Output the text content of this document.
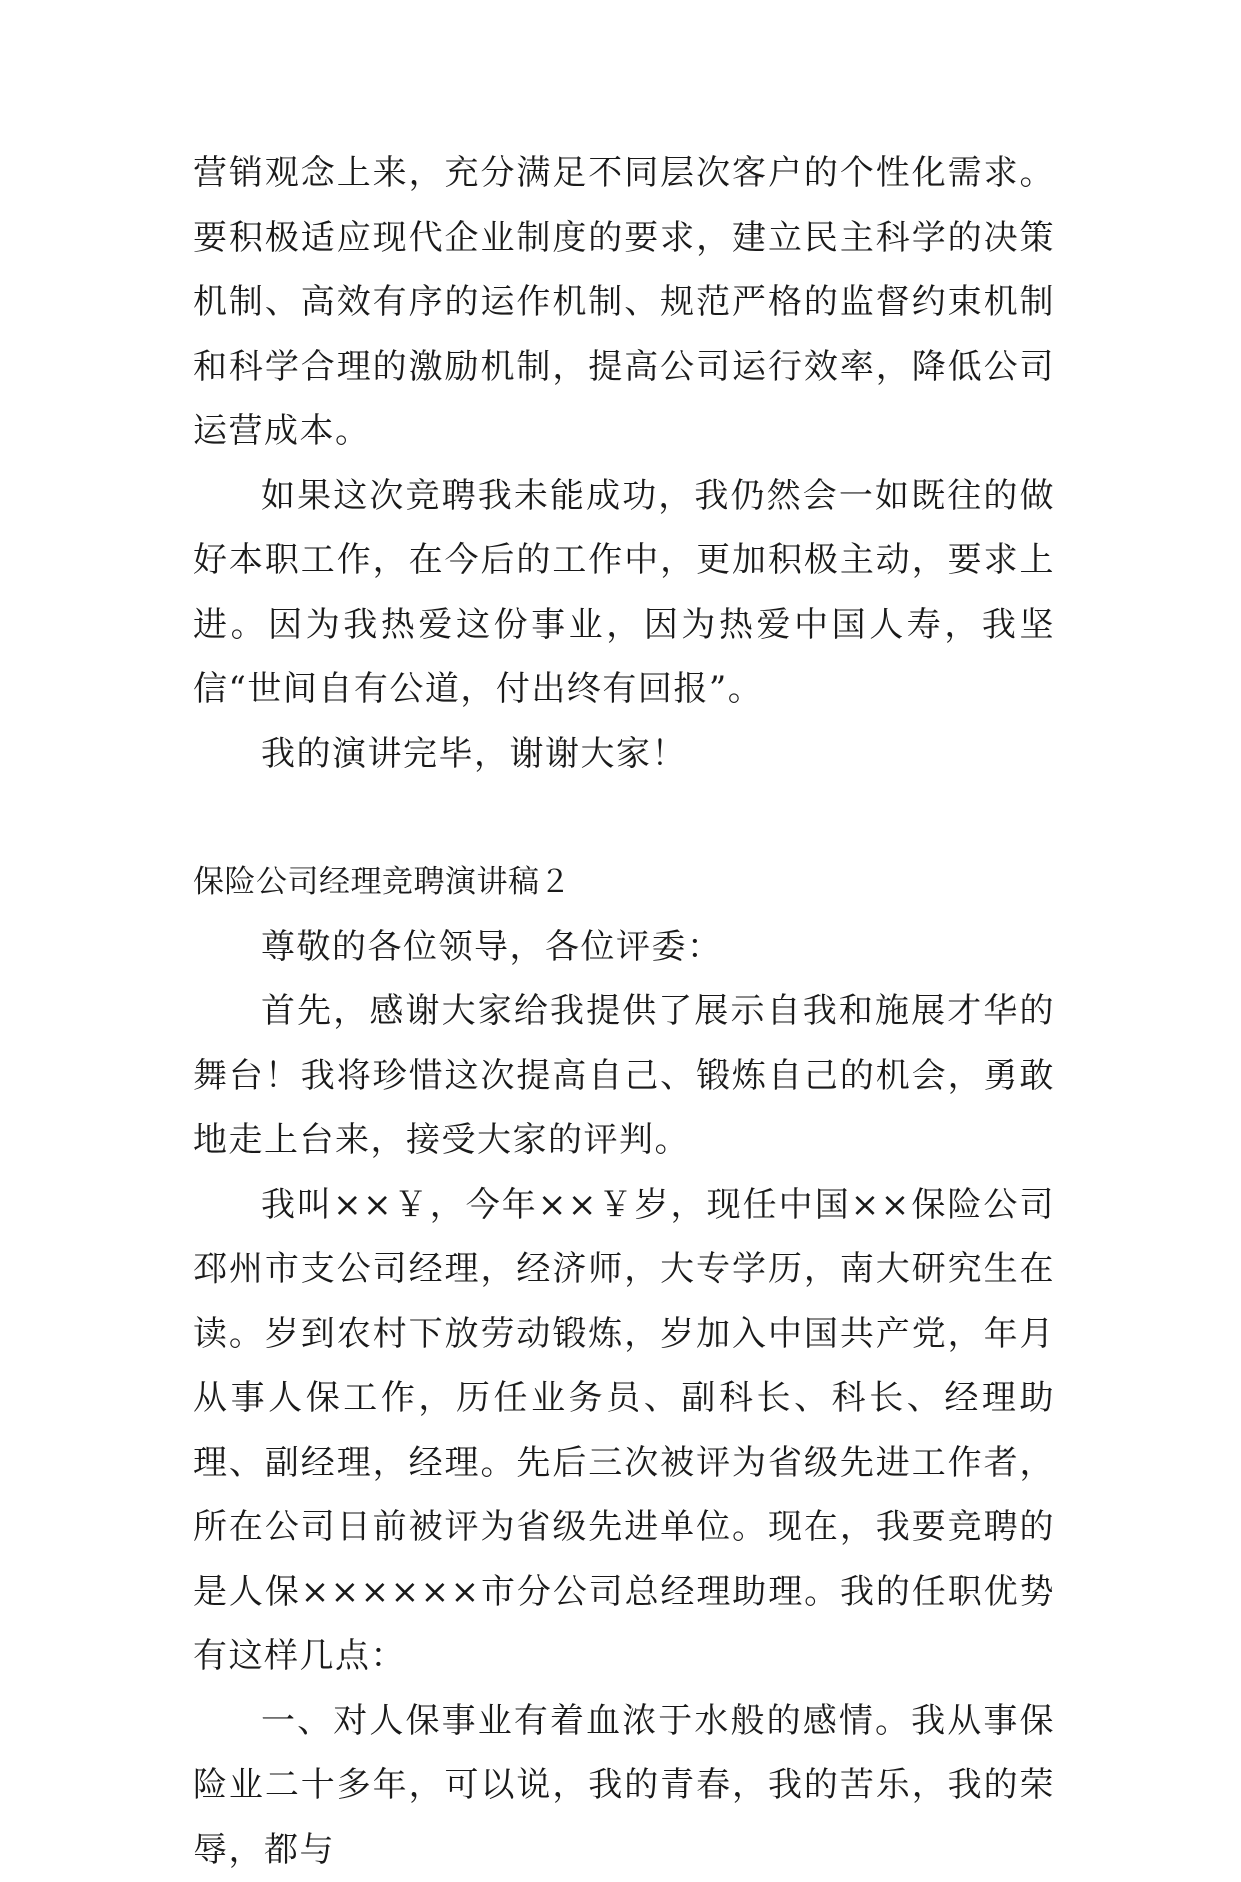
营销观念上来，充分满足不同层次客户的个性化需求。要积极适应现代企业制度的要求，建立民主科学的决策机制、高效有序的运作机制、规范严格的监督约束机制和科学合理的激励机制，提高公司运行效率，降低公司运营成本。

如果这次竞聘我未能成功，我仍然会一如既往的做好本职工作，在今后的工作中，更加积极主动，要求上进。因为我热爱这份事业，因为热爱中国人寿，我坚信“世间自有公道，付出终有回报”。

我的演讲完毕，谢谢大家！

保险公司经理竞聘演讲稿２

尊敬的各位领导，各位评委：

首先，感谢大家给我提供了展示自我和施展才华的舞台！我将珍惜这次提高自己、锻炼自己的机会，勇敢地走上台来，接受大家的评判。

我叫××￥，今年××￥岁，现任中国××保险公司邳州市支公司经理，经济师，大专学历，南大研究生在读。岁到农村下放劳动锻炼，岁加入中国共产党，年月从事人保工作，历任业务员、副科长、科长、经理助理、副经理，经理。先后三次被评为省级先进工作者，所在公司日前被评为省级先进单位。现在，我要竞聘的是人保××××××市分公司总经理助理。我的任职优势有这样几点：

一、对人保事业有着血浓于水般的感情。我从事保险业二十多年，可以说，我的青春，我的苦乐，我的荣辱，都与
